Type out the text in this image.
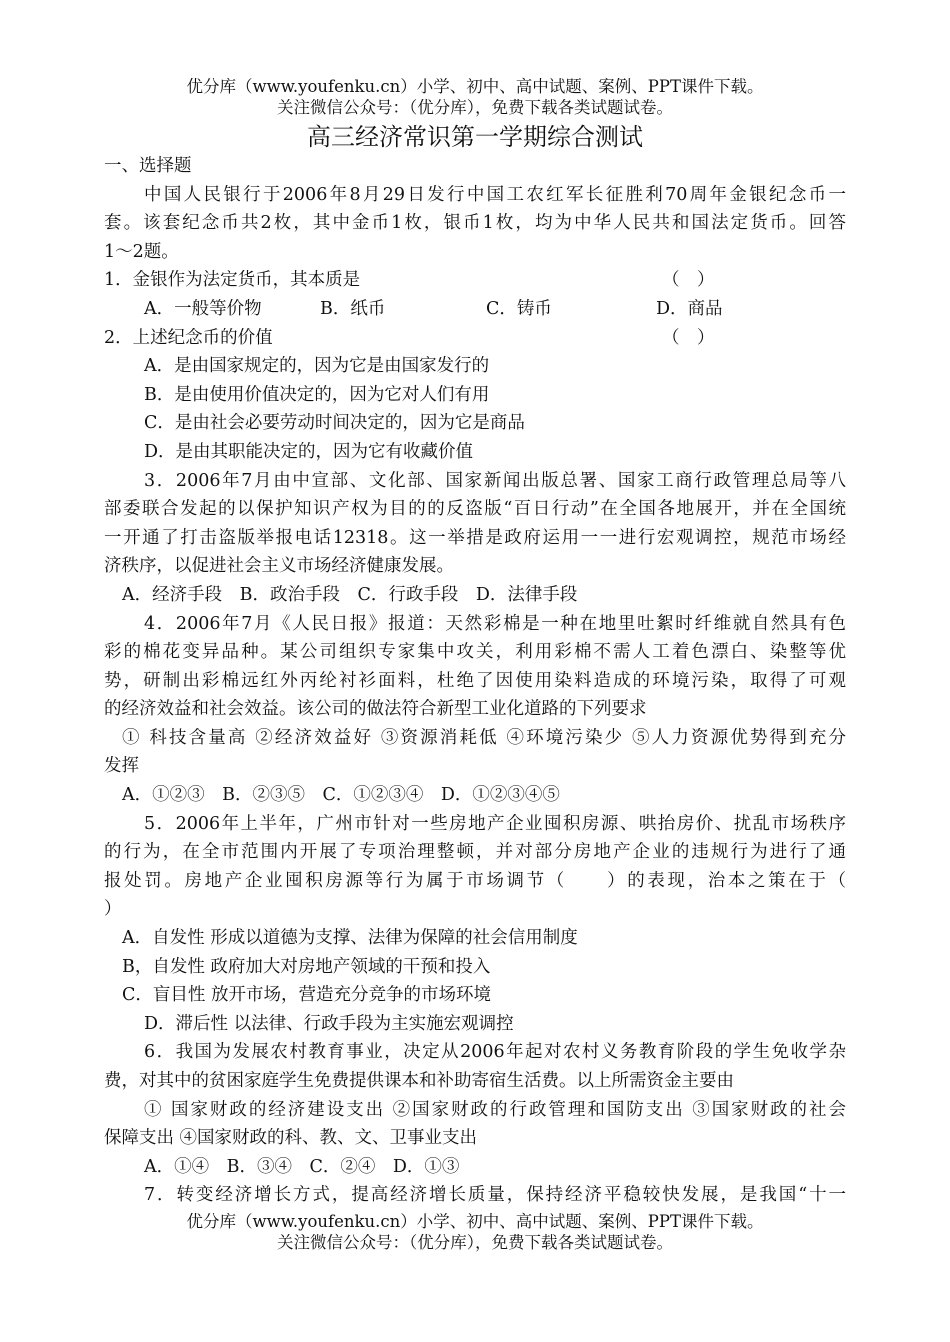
优分库（www.youfenku.cn）小学、初中、高中试题、案例、PPT课件下载。
关注微信公众号：（优分库），免费下载各类试题试卷。
高三经济常识第一学期综合测试

一、选择题

中国人民银行于2006年8月29日发行中国工农红军长征胜利70周年金银纪念币一

套。该套纪念币共2枚，其中金币1枚，银币1枚，均为中华人民共和国法定货币。回答

1～2题。

1．金银作为法定货币，其本质是	（　）
A．一般等价物	B．纸币	C．铸币	D．商品
2．上述纪念币的价值	（　）

A．是由国家规定的，因为它是由国家发行的

B．是由使用价值决定的，因为它对人们有用

C．是由社会必要劳动时间决定的，因为它是商品

D．是由其职能决定的，因为它有收藏价值

3．2006年7月由中宣部、文化部、国家新闻出版总署、国家工商行政管理总局等八

部委联合发起的以保护知识产权为目的的反盗版“百日行动”在全国各地展开，并在全国统

一开通了打击盗版举报电话12318。这一举措是政府运用一一进行宏观调控，规范市场经

济秩序，以促进社会主义市场经济健康发展。

A．经济手段　B．政治手段　C．行政手段　D．法律手段

4．2006年7月《人民日报》报道：天然彩棉是一种在地里吐絮时纤维就自然具有色

彩的棉花变异品种。某公司组织专家集中攻关，利用彩棉不需人工着色漂白、染整等优

势，研制出彩棉远红外丙纶衬衫面料，杜绝了因使用染料造成的环境污染，取得了可观

的经济效益和社会效益。该公司的做法符合新型工业化道路的下列要求

① 科技含量高 ②经济效益好 ③资源消耗低 ④环境污染少 ⑤人力资源优势得到充分

发挥

A．①②③　B．②③⑤　C．①②③④　D．①②③④⑤

5．2006年上半年，广州市针对一些房地产企业囤积房源、哄抬房价、扰乱市场秩序

的行为，在全市范围内开展了专项治理整顿，并对部分房地产企业的违规行为进行了通

报处罚。房地产企业囤积房源等行为属于市场调节（　　）的表现，治本之策在于（

）

A．自发性 形成以道德为支撑、法律为保障的社会信用制度

B，自发性 政府加大对房地产领域的干预和投入

C．盲目性 放开市场，营造充分竞争的市场环境

D．滞后性 以法律、行政手段为主实施宏观调控

6．我国为发展农村教育事业，决定从2006年起对农村义务教育阶段的学生免收学杂

费，对其中的贫困家庭学生免费提供课本和补助寄宿生活费。以上所需资金主要由

① 国家财政的经济建设支出 ②国家财政的行政管理和国防支出 ③国家财政的社会

保障支出 ④国家财政的科、教、文、卫事业支出

A．①④　B．③④　C．②④　D．①③

7．转变经济增长方式，提高经济增长质量，保持经济平稳较快发展，是我国“十一

优分库（www.youfenku.cn）小学、初中、高中试题、案例、PPT课件下载。
关注微信公众号：（优分库），免费下载各类试题试卷。
